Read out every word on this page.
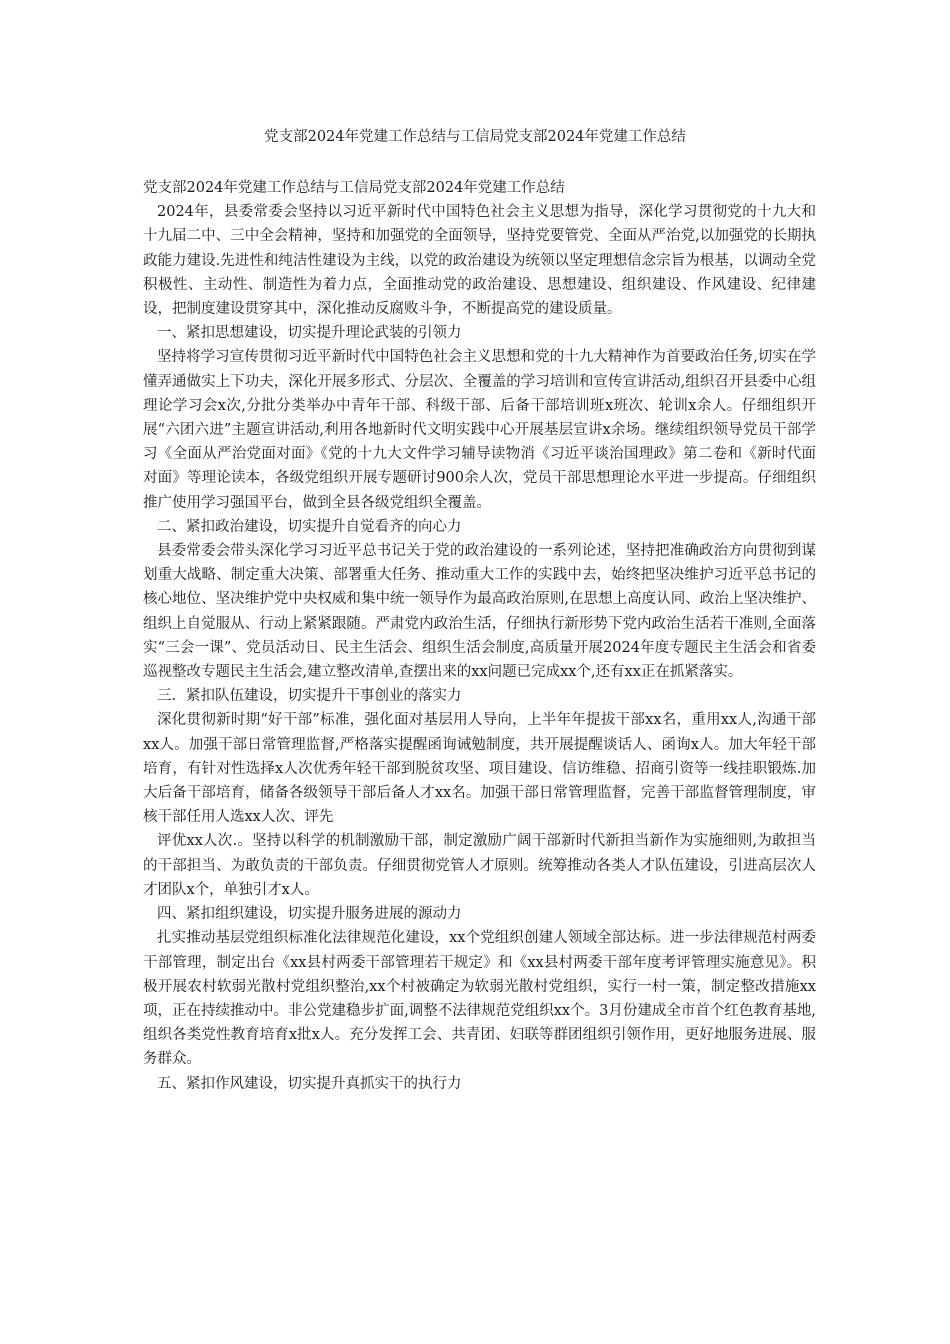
党支部2024年党建工作总结与工信局党支部2024年党建工作总结

党支部2024年党建工作总结与工信局党支部2024年党建工作总结

2024年，县委常委会坚持以习近平新时代中国特色社会主义思想为指导，深化学习贯彻党的十九大和十九届二中、三中全会精神，坚持和加强党的全面领导，坚持党要管党、全面从严治党,以加强党的长期执政能力建设.先进性和纯洁性建设为主线，以党的政治建设为统领以坚定理想信念宗旨为根基，以调动全党积极性、主动性、制造性为着力点，全面推动党的政治建设、思想建设、组织建设、作风建设、纪律建设，把制度建设贯穿其中，深化推动反腐败斗争，不断提高党的建设质量。

一、紧扣思想建设，切实提升理论武装的引领力

坚持将学习宣传贯彻习近平新时代中国特色社会主义思想和党的十九大精神作为首要政治任务,切实在学懂弄通做实上下功夫，深化开展多形式、分层次、全覆盖的学习培训和宣传宣讲活动,组织召开县委中心组理论学习会x次,分批分类举办中青年干部、科级干部、后备干部培训班x班次、轮训x余人。仔细组织开展“六团六进”主题宣讲活动,利用各地新时代文明实践中心开展基层宣讲x余场。继续组织领导党员干部学习《全面从严治党面对面》《党的十九大文件学习辅导读物消《习近平谈治国理政》第二卷和《新时代面对面》等理论读本，各级党组织开展专题研讨900余人次，党员干部思想理论水平进一步提高。仔细组织推广使用学习强国平台，做到全县各级党组织全覆盖。

二、紧扣政治建设，切实提升自觉看齐的向心力

县委常委会带头深化学习习近平总书记关于党的政治建设的一系列论述，坚持把准确政治方向贯彻到谋划重大战略、制定重大决策、部署重大任务、推动重大工作的实践中去，始终把坚决维护习近平总书记的核心地位、坚决维护党中央权威和集中统一领导作为最高政治原则,在思想上高度认同、政治上坚决维护、组织上自觉服从、行动上紧紧跟随。严肃党内政治生活，仔细执行新形势下党内政治生活若干准则,全面落实“三会一课”、党员活动日、民主生活会、组织生活会制度,高质量开展2024年度专题民主生活会和省委巡视整改专题民主生活会,建立整改清单,查摆出来的xx问题已完成xx个,还有xx正在抓紧落实。

三．紧扣队伍建设，切实提升干事创业的落实力

深化贯彻新时期“好干部”标准，强化面对基层用人导向，上半年年提拔干部xx名，重用xx人,沟通干部xx人。加强干部日常管理监督,严格落实提醒函询诫勉制度，共开展提醒谈话人、函询x人。加大年轻干部培育，有针对性选择x人次优秀年轻干部到脱贫攻坚、项目建设、信访维稳、招商引资等一线挂职锻炼.加大后备干部培育，储备各级领导干部后备人才xx名。加强干部日常管理监督，完善干部监督管理制度，审核干部任用人选xx人次、评先

评优xx人次.。坚持以科学的机制激励干部，制定激励广阔干部新时代新担当新作为实施细则,为敢担当的干部担当、为敢负责的干部负责。仔细贯彻党管人才原则。统筹推动各类人才队伍建设，引进高层次人才团队x个，单独引才x人。

四、紧扣组织建设，切实提升服务进展的源动力

扎实推动基层党组织标准化法律规范化建设，xx个党组织创建人领域全部达标。进一步法律规范村两委干部管理，制定出台《xx县村两委干部管理若干规定》和《xx县村两委干部年度考评管理实施意见》。积极开展农村软弱光散村党组织整治,xx个村被确定为软弱光散村党组织，实行一村一策，制定整改措施xx项，正在持续推动中。非公党建稳步扩面,调整不法律规范党组织xx个。3月份建成全市首个红色教育基地,组织各类党性教育培育x批x人。充分发挥工会、共青团、妇联等群团组织引领作用，更好地服务进展、服务群众。

五、紧扣作风建设，切实提升真抓实干的执行力
